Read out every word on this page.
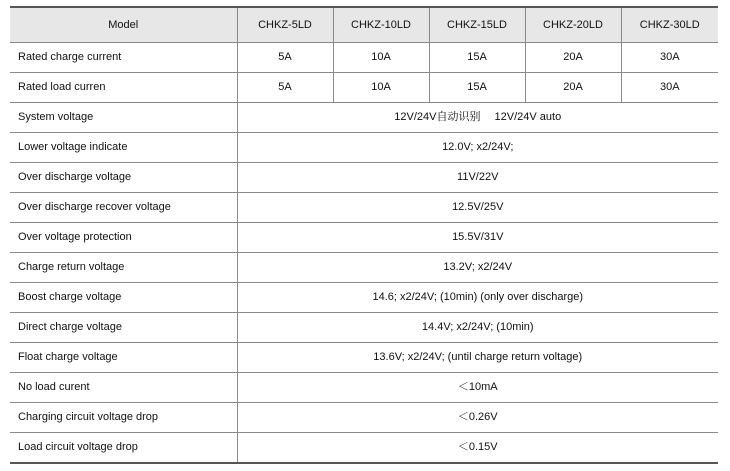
Model	CHKZ-5LD	CHKZ-10LD	CHKZ-15LD	CHKZ-20LD	CHKZ-30LD
Rated charge current	5A	10A	15A	20A	30A
Rated load curren	5A	10A	15A	20A	30A
System voltage	12V/24V自动识别　 12V/24V auto				
Lower voltage indicate	12.0V; x2/24V;				
Over discharge voltage	11V/22V				
Over discharge recover voltage	12.5V/25V				
Over voltage protection	15.5V/31V				
Charge return voltage	13.2V; x2/24V				
Boost charge voltage	14.6; x2/24V; (10min) (only over discharge)				
Direct charge voltage	14.4V; x2/24V; (10min)				
Float charge voltage	13.6V; x2/24V; (until charge return voltage)				
No load curent	＜10mA				
Charging circuit voltage drop	＜0.26V				
Load circuit voltage drop	＜0.15V				
